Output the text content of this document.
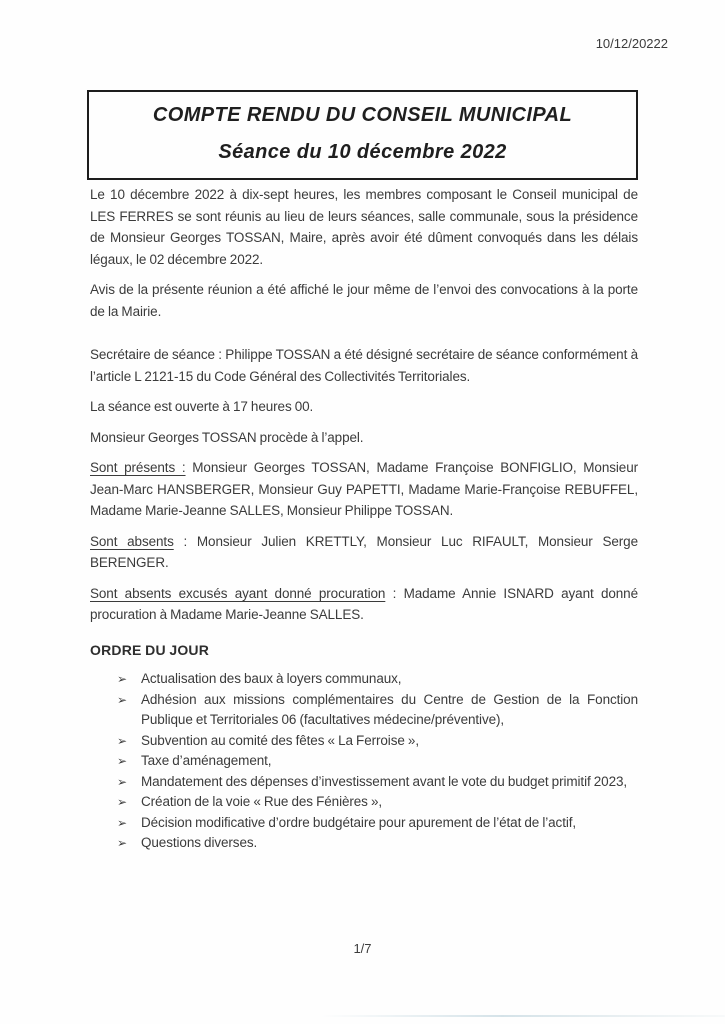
10/12/20222
COMPTE RENDU DU CONSEIL MUNICIPAL
Séance du 10 décembre 2022

Le 10 décembre 2022 à dix-sept heures, les membres composant le Conseil municipal de LES FERRES se sont réunis au lieu de leurs séances, salle communale, sous la présidence de Monsieur Georges TOSSAN, Maire, après avoir été dûment convoqués dans les délais légaux, le 02 décembre 2022.

Avis de la présente réunion a été affiché le jour même de l’envoi des convocations à la porte de la Mairie.

Secrétaire de séance : Philippe TOSSAN a été désigné secrétaire de séance conformément à l’article L 2121-15 du Code Général des Collectivités Territoriales.

La séance est ouverte à 17 heures 00.

Monsieur Georges TOSSAN procède à l’appel.

Sont présents : Monsieur Georges TOSSAN, Madame Françoise BONFIGLIO, Monsieur Jean-Marc HANSBERGER, Monsieur Guy PAPETTI, Madame Marie-Françoise REBUFFEL, Madame Marie-Jeanne SALLES, Monsieur Philippe TOSSAN.

Sont absents : Monsieur Julien KRETTLY, Monsieur Luc RIFAULT, Monsieur Serge BERENGER.

Sont absents excusés ayant donné procuration : Madame Annie ISNARD ayant donné procuration à Madame Marie-Jeanne SALLES.

ORDRE DU JOUR
➢ Actualisation des baux à loyers communaux,
➢ Adhésion aux missions complémentaires du Centre de Gestion de la Fonction Publique et Territoriales 06 (facultatives médecine/préventive),
➢ Subvention au comité des fêtes « La Ferroise »,
➢ Taxe d’aménagement,
➢ Mandatement des dépenses d’investissement avant le vote du budget primitif 2023,
➢ Création de la voie « Rue des Fénières »,
➢ Décision modificative d’ordre budgétaire pour apurement de l’état de l’actif,
➢ Questions diverses.
1/7
